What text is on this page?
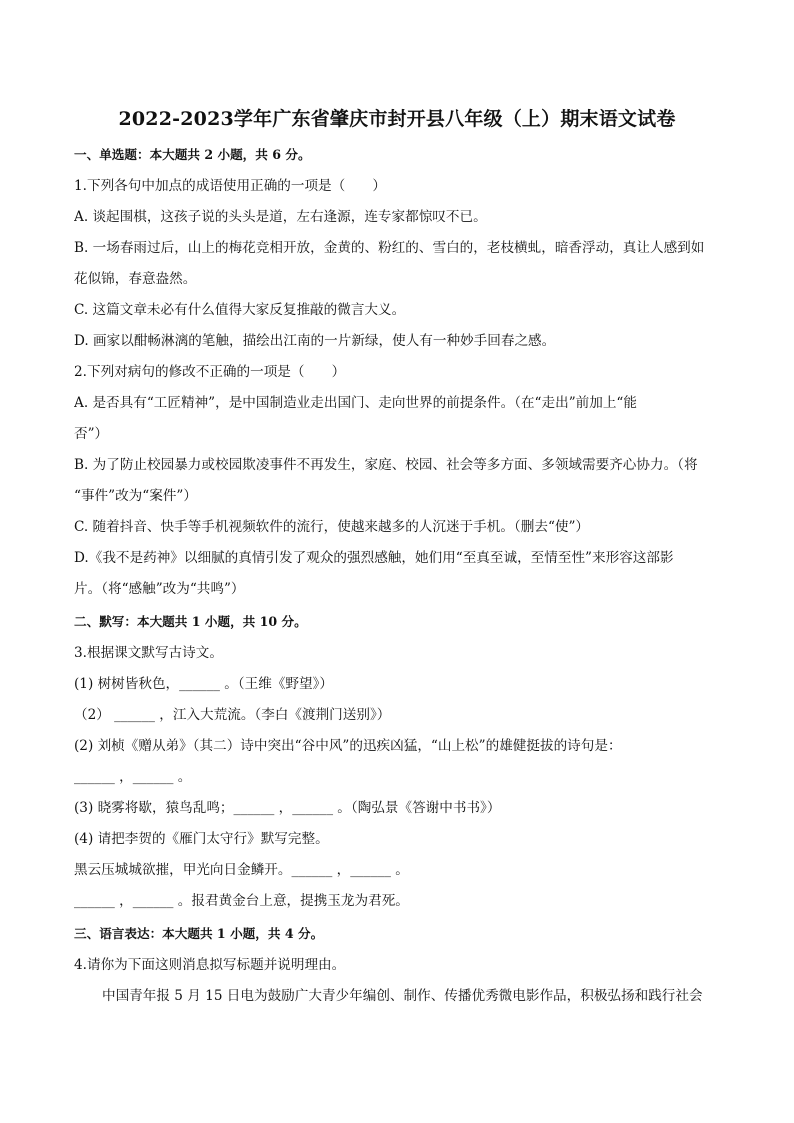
2022-2023学年广东省肇庆市封开县八年级（上）期末语文试卷
一、单选题：本大题共 2 小题，共 6 分。
1.下列各句中加点的成语使用正确的一项是（　　）
A. 谈起围棋，这孩子说的头头是道，左右逢源，连专家都惊叹不已。
B. 一场春雨过后，山上的梅花竞相开放，金黄的、粉红的、雪白的，老枝横虬，暗香浮动，真让人感到如
花似锦，春意盎然。
C. 这篇文章未必有什么值得大家反复推敲的微言大义。
D. 画家以酣畅淋漓的笔触，描绘出江南的一片新绿，使人有一种妙手回春之感。
2.下列对病句的修改不正确的一项是（　　）
A. 是否具有“工匠精神”，是中国制造业走出国门、走向世界的前提条件。（在“走出”前加上“能
否”）
B. 为了防止校园暴力或校园欺凌事件不再发生，家庭、校园、社会等多方面、多领域需要齐心协力。（将
“事件”改为“案件”）
C. 随着抖音、快手等手机视频软件的流行，使越来越多的人沉迷于手机。（删去“使”）
D.《我不是药神》以细腻的真情引发了观众的强烈感触，她们用“至真至诚，至情至性”来形容这部影
片。（将“感触”改为“共鸣”）
二、默写：本大题共 1 小题，共 10 分。
3.根据课文默写古诗文。
(1) 树树皆秋色，______ 。（王维《野望》）
（2） ______ ，江入大荒流。（李白《渡荆门送别》）
(2) 刘桢《赠从弟》（其二）诗中突出“谷中风”的迅疾凶猛，“山上松”的雄健挺拔的诗句是：
______ ，______ 。
(3) 晓雾将歇，猿鸟乱鸣；______ ，______ 。（陶弘景《答谢中书书》）
(4) 请把李贺的《雁门太守行》默写完整。
黑云压城城欲摧，甲光向日金鳞开。______ ，______ 。
______ ，______ 。报君黄金台上意，提携玉龙为君死。
三、语言表达：本大题共 1 小题，共 4 分。
4.请你为下面这则消息拟写标题并说明理由。
中国青年报 5 月 15 日电为鼓励广大青少年编创、制作、传播优秀微电影作品，积极弘扬和践行社会
